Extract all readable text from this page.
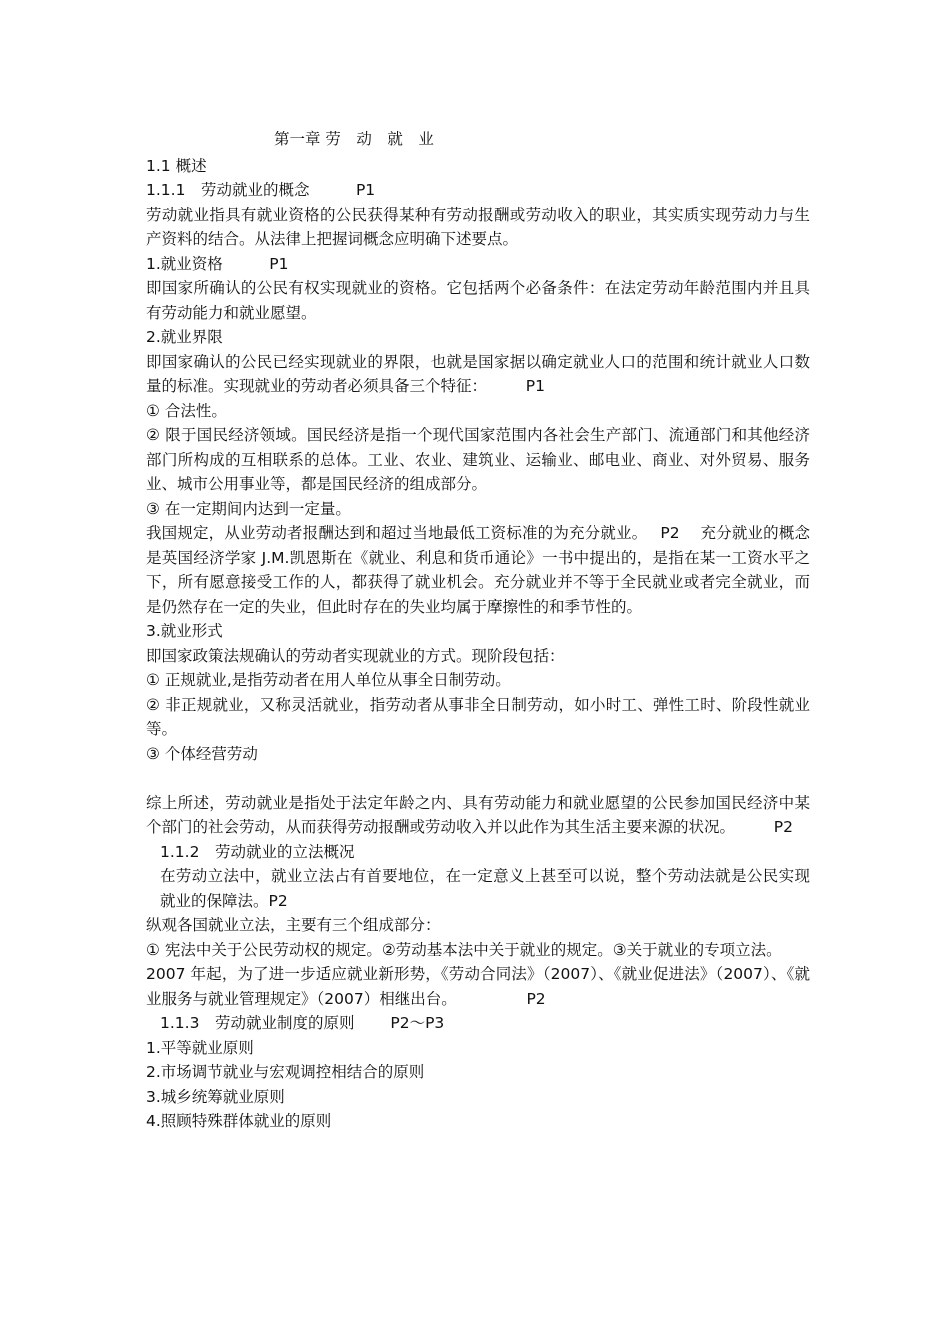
第一章 劳　动　就　业

1.1 概述

1.1.1　劳动就业的概念　　　P1

劳动就业指具有就业资格的公民获得某种有劳动报酬或劳动收入的职业，其实质实现劳动力与生产资料的结合。从法律上把握词概念应明确下述要点。

1.就业资格　　　P1

即国家所确认的公民有权实现就业的资格。它包括两个必备条件：在法定劳动年龄范围内并且具有劳动能力和就业愿望。

2.就业界限

即国家确认的公民已经实现就业的界限，也就是国家据以确定就业人口的范围和统计就业人口数量的标准。实现就业的劳动者必须具备三个特征：　　　P1

① 合法性。

② 限于国民经济领域。国民经济是指一个现代国家范围内各社会生产部门、流通部门和其他经济部门所构成的互相联系的总体。工业、农业、建筑业、运输业、邮电业、商业、对外贸易、服务业、城市公用事业等，都是国民经济的组成部分。

③ 在一定期间内达到一定量。

我国规定，从业劳动者报酬达到和超过当地最低工资标准的为充分就业。　 P2　 充分就业的概念是英国经济学家 J.M.凯恩斯在《就业、利息和货币通论》一书中提出的，是指在某一工资水平之下，所有愿意接受工作的人，都获得了就业机会。充分就业并不等于全民就业或者完全就业，而是仍然存在一定的失业，但此时存在的失业均属于摩擦性的和季节性的。

3.就业形式

即国家政策法规确认的劳动者实现就业的方式。现阶段包括：

① 正规就业,是指劳动者在用人单位从事全日制劳动。

② 非正规就业，又称灵活就业，指劳动者从事非全日制劳动，如小时工、弹性工时、阶段性就业等。

③ 个体经营劳动

综上所述，劳动就业是指处于法定年龄之内、具有劳动能力和就业愿望的公民参加国民经济中某个部门的社会劳动，从而获得劳动报酬或劳动收入并以此作为其生活主要来源的状况。　　　P2

1.1.2　劳动就业的立法概况

在劳动立法中，就业立法占有首要地位，在一定意义上甚至可以说，整个劳动法就是公民实现就业的保障法。P2

纵观各国就业立法，主要有三个组成部分：

① 宪法中关于公民劳动权的规定。②劳动基本法中关于就业的规定。③关于就业的专项立法。

2007 年起，为了进一步适应就业新形势，《劳动合同法》（2007）、《就业促进法》（2007）、《就业服务与就业管理规定》（2007）相继出台。　　　　　P2

1.1.3　劳动就业制度的原则　　 P2～P3

1.平等就业原则

2.市场调节就业与宏观调控相结合的原则

3.城乡统筹就业原则

4.照顾特殊群体就业的原则
